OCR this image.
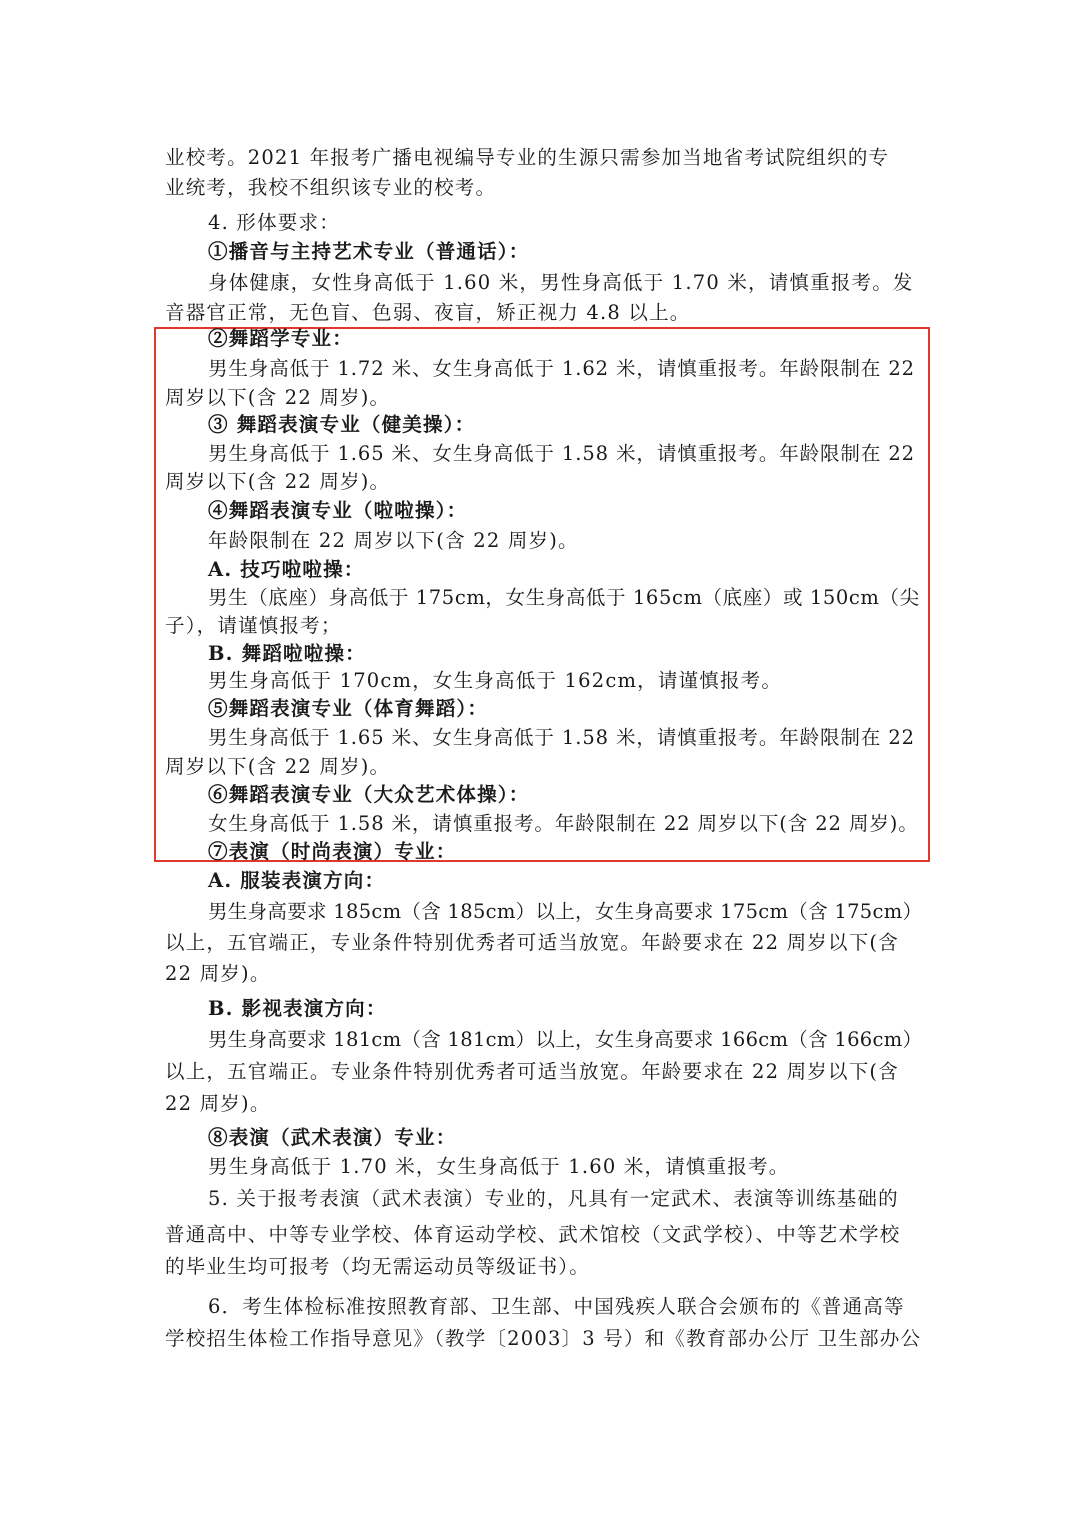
业校考。2021 年报考广播电视编导专业的生源只需参加当地省考试院组织的专
业统考，我校不组织该专业的校考。
4. 形体要求：
①播音与主持艺术专业（普通话）：
身体健康，女性身高低于 1.60 米，男性身高低于 1.70 米，请慎重报考。发
音器官正常，无色盲、色弱、夜盲，矫正视力 4.8 以上。
②舞蹈学专业：
男生身高低于 1.72 米、女生身高低于 1.62 米，请慎重报考。年龄限制在 22
周岁以下(含 22 周岁)。
③ 舞蹈表演专业（健美操）：
男生身高低于 1.65 米、女生身高低于 1.58 米，请慎重报考。年龄限制在 22
周岁以下(含 22 周岁)。
④舞蹈表演专业（啦啦操）：
年龄限制在 22 周岁以下(含 22 周岁)。
A. 技巧啦啦操：
男生（底座）身高低于 175cm，女生身高低于 165cm（底座）或 150cm（尖
子），请谨慎报考；
B. 舞蹈啦啦操：
男生身高低于 170cm，女生身高低于 162cm，请谨慎报考。
⑤舞蹈表演专业（体育舞蹈）：
男生身高低于 1.65 米、女生身高低于 1.58 米，请慎重报考。年龄限制在 22
周岁以下(含 22 周岁)。
⑥舞蹈表演专业（大众艺术体操）：
女生身高低于 1.58 米，请慎重报考。年龄限制在 22 周岁以下(含 22 周岁)。
⑦表演（时尚表演）专业：
A. 服装表演方向：
男生身高要求 185cm（含 185cm）以上，女生身高要求 175cm（含 175cm）
以上，五官端正，专业条件特别优秀者可适当放宽。年龄要求在 22 周岁以下(含
22 周岁)。
B. 影视表演方向：
男生身高要求 181cm（含 181cm）以上，女生身高要求 166cm（含 166cm）
以上，五官端正。专业条件特别优秀者可适当放宽。年龄要求在 22 周岁以下(含
22 周岁)。
⑧表演（武术表演）专业：
男生身高低于 1.70 米，女生身高低于 1.60 米，请慎重报考。
5. 关于报考表演（武术表演）专业的，凡具有一定武术、表演等训练基础的
普通高中、中等专业学校、体育运动学校、武术馆校（文武学校）、中等艺术学校
的毕业生均可报考（均无需运动员等级证书）。
6．考生体检标准按照教育部、卫生部、中国残疾人联合会颁布的《普通高等
学校招生体检工作指导意见》（教学〔2003〕3 号）和《教育部办公厅 卫生部办公
